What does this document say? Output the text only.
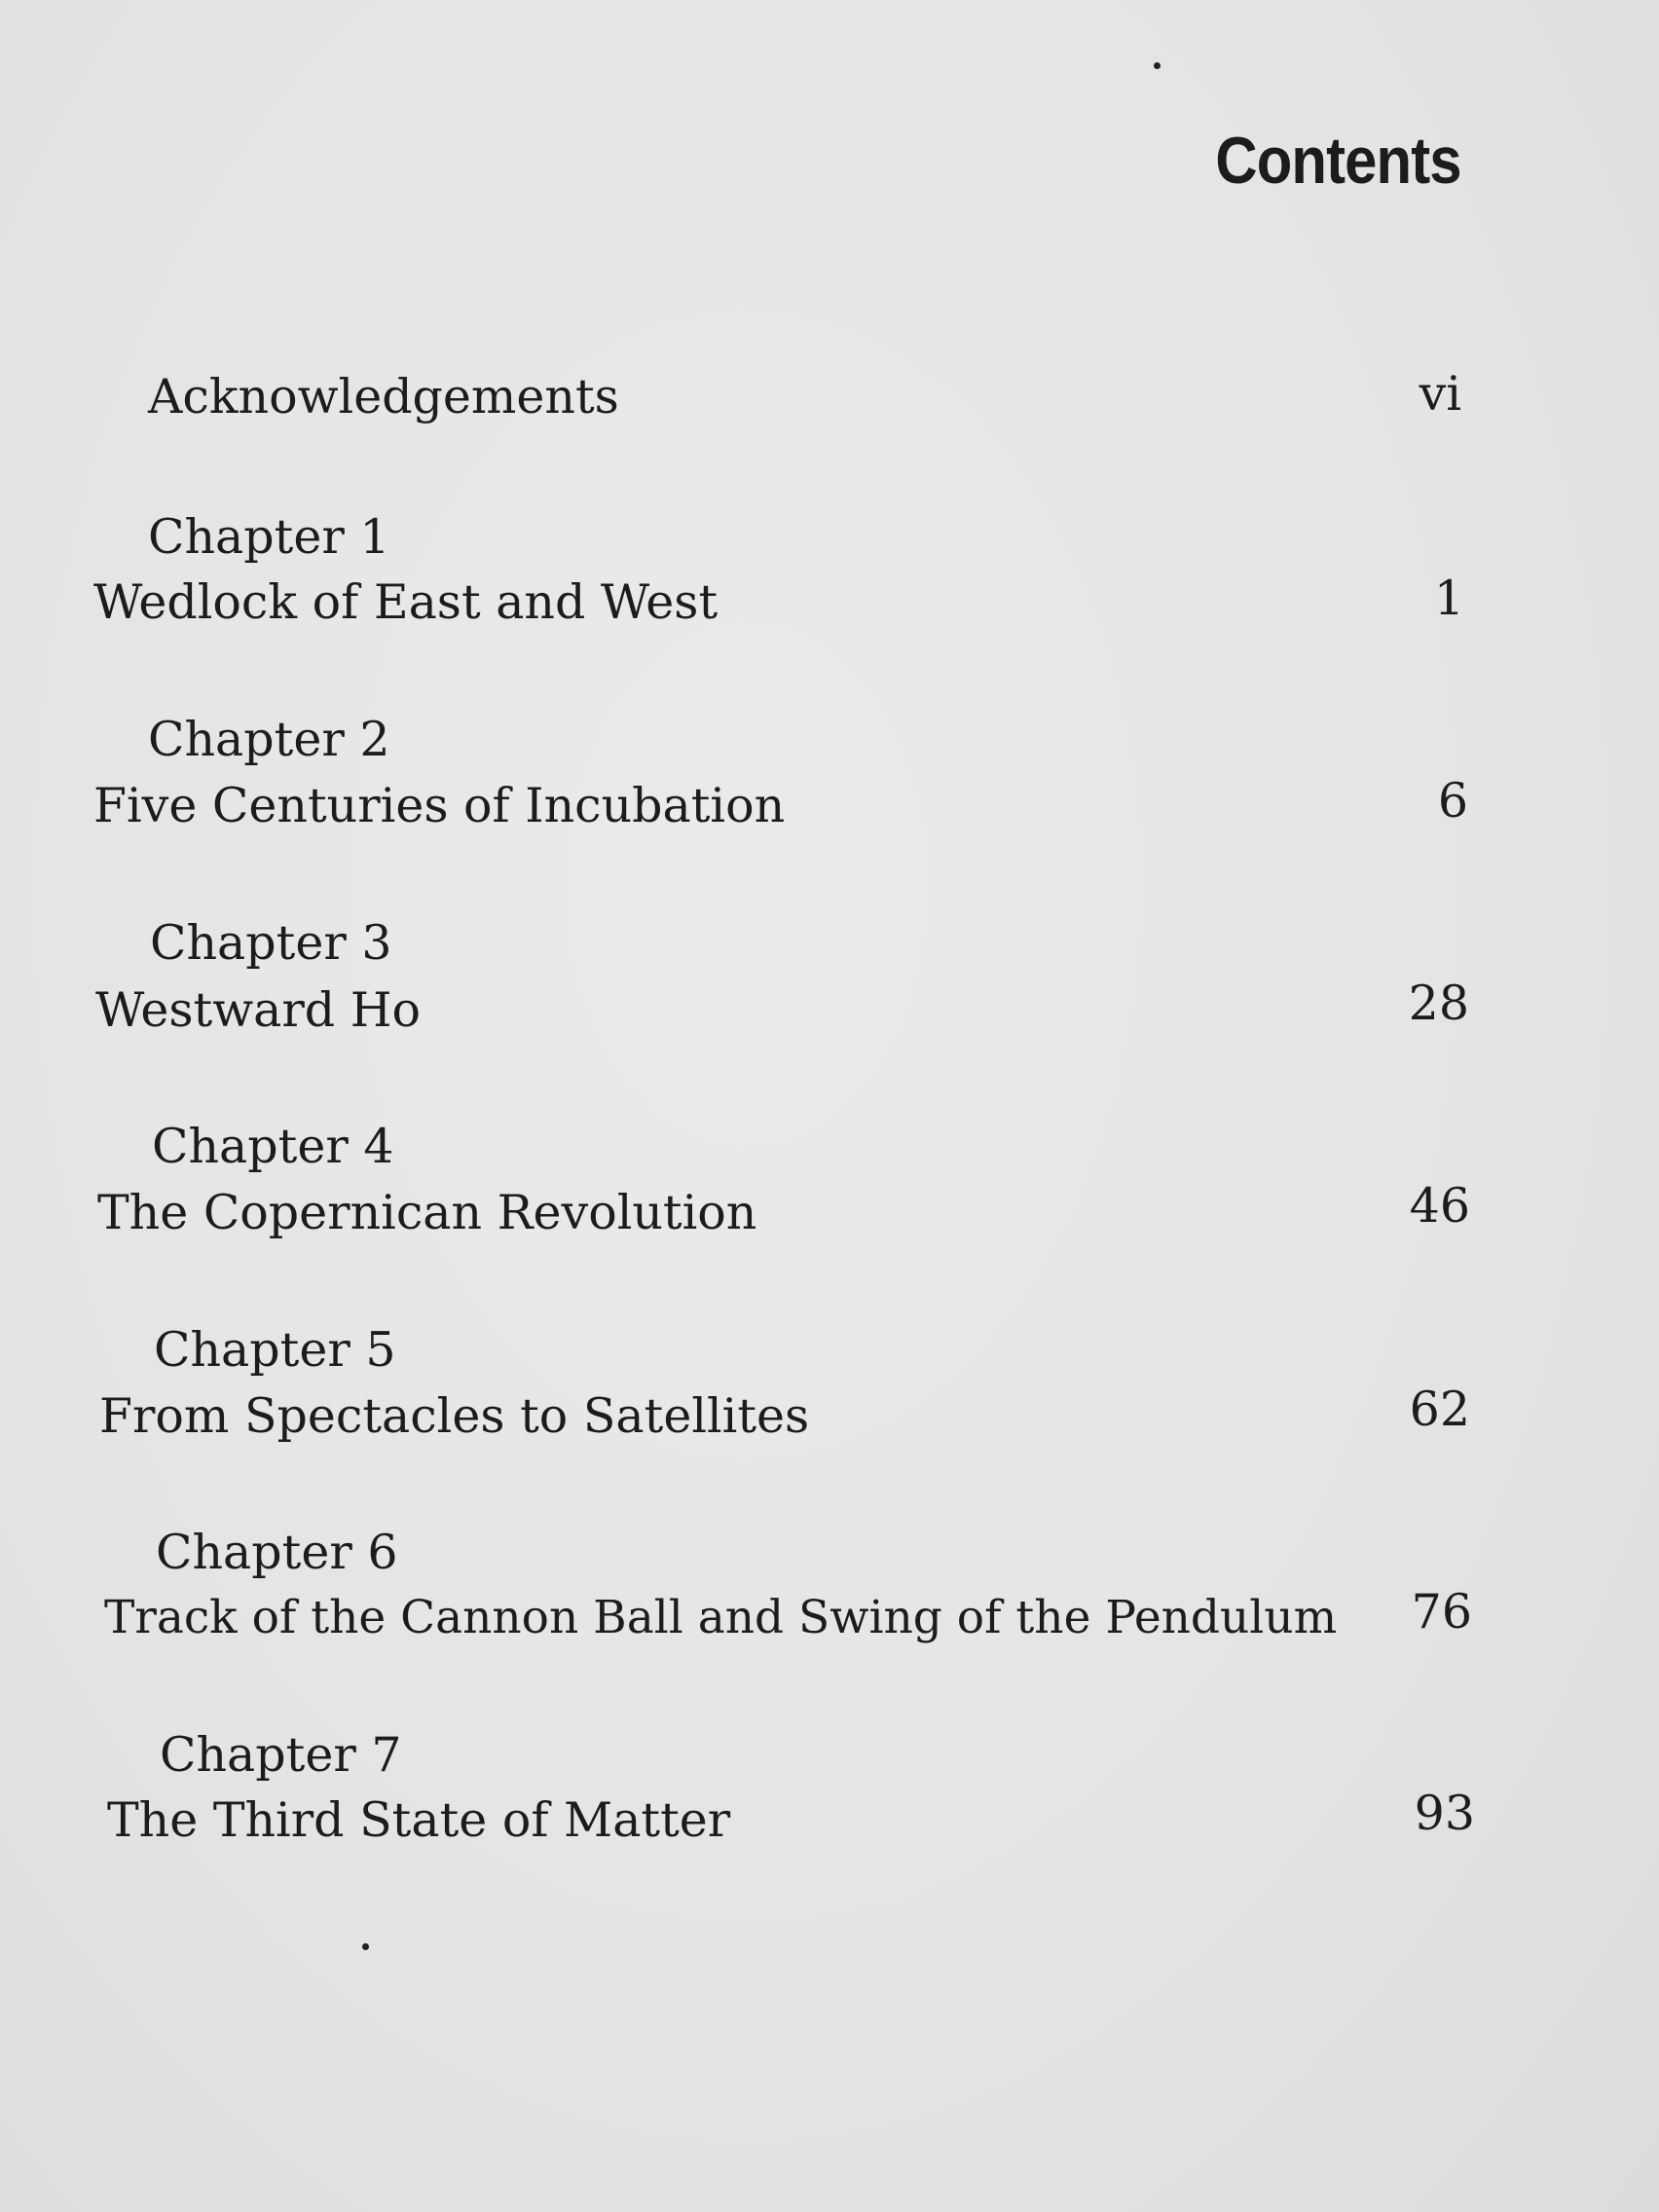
Contents
Acknowledgements	vi
Chapter 1
Wedlock of East and West	1
Chapter 2
Five Centuries of Incubation	6
Chapter 3
Westward Ho	28
Chapter 4
The Copernican Revolution	46
Chapter 5
From Spectacles to Satellites	62
Chapter 6
Track of the Cannon Ball and Swing of the Pendulum 76
Chapter 7
The Third State of Matter	93
